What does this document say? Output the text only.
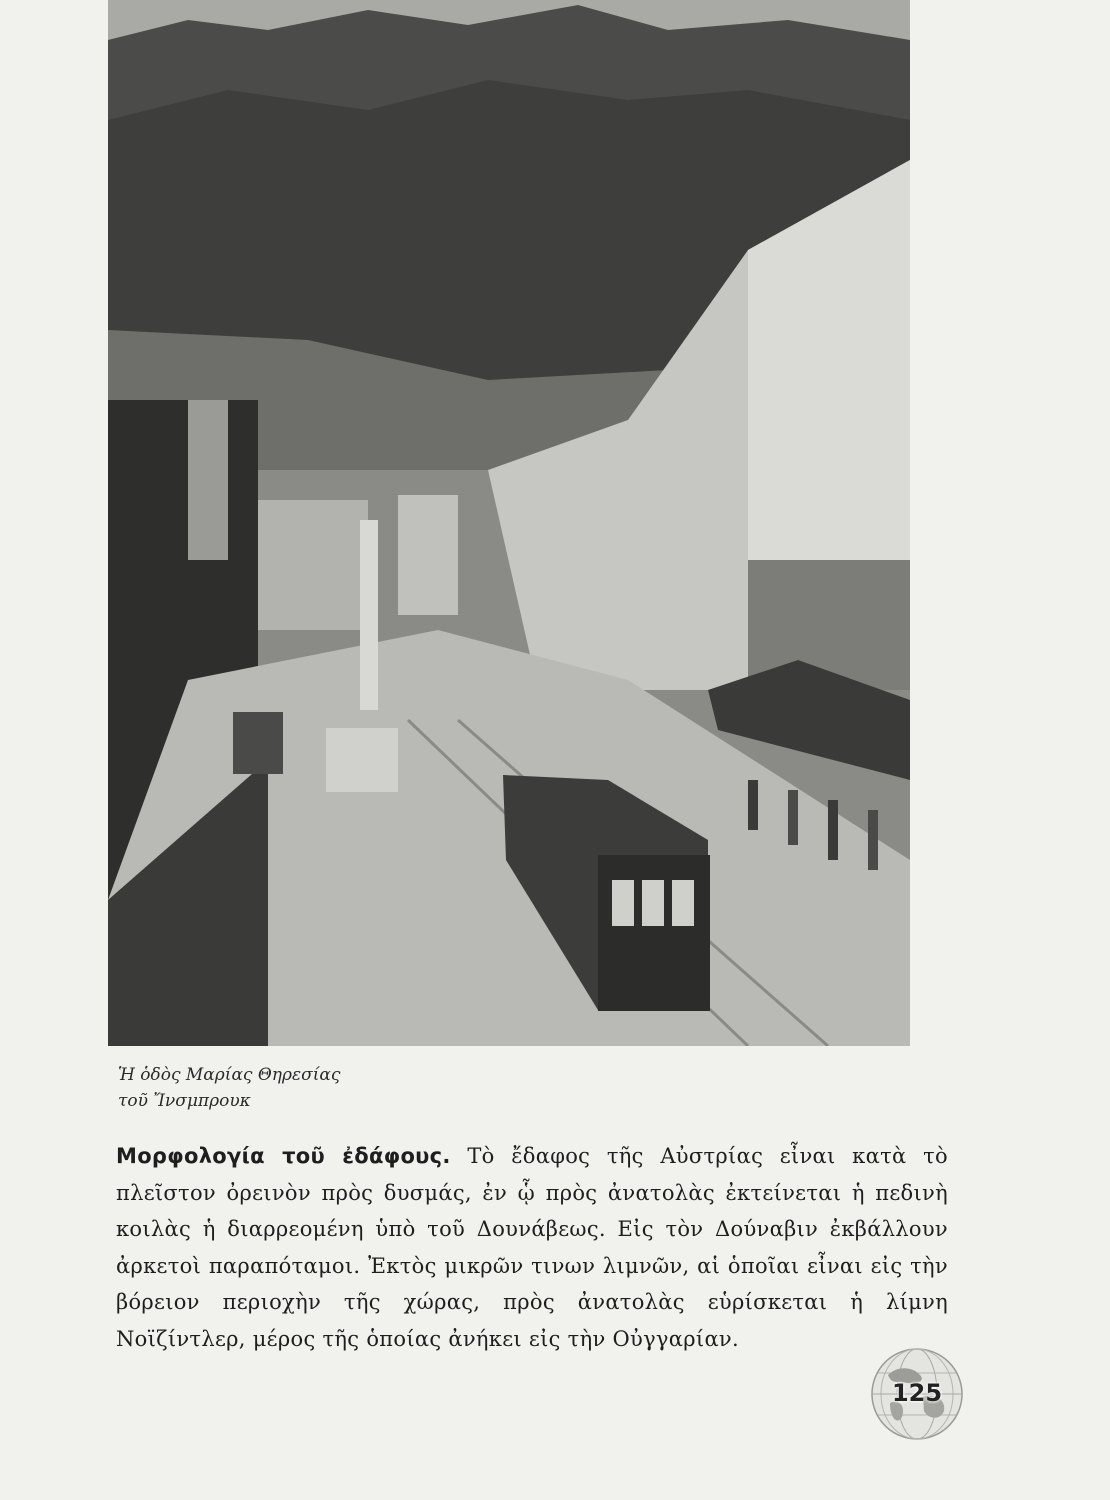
Ἡ ὁδὸς Μαρίας Θηρεσίας
τοῦ Ἴνσμπρουκ
Μορφολογία τοῦ ἐδάφους. Τὸ ἔδαφος τῆς Αὐστρίας εἶναι κατὰ τὸ πλεῖστον ὀρεινὸν πρὸς δυσμάς, ἐν ᾧ πρὸς ἀνατολὰς ἐκτείνεται ἡ πεδινὴ κοιλὰς ἡ διαρρεομένη ὑπὸ τοῦ Δουνάβεως. Εἰς τὸν Δούναβιν ἐκβάλλουν ἀρκετοὶ παραπόταμοι. Ἐκτὸς μικρῶν τινων λιμνῶν, αἱ ὁποῖαι εἶναι εἰς τὴν βόρειον περιοχὴν τῆς χώρας, πρὸς ἀνατολὰς εὑρίσκεται ἡ λίμνη Νοϊζίντλερ, μέρος τῆς ὁποίας ἀνήκει εἰς τὴν Οὐγγαρίαν.
125
